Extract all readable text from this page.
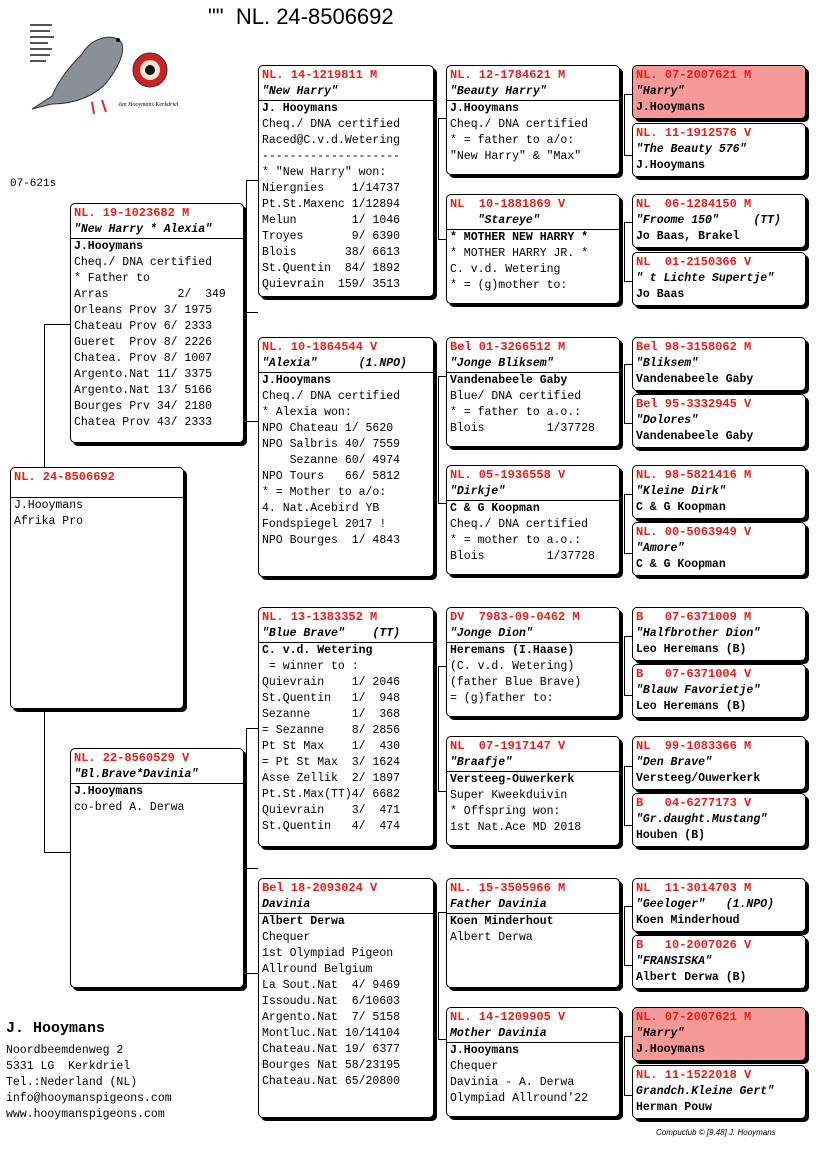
""  NL. 24-8506692
07-621s
Jan Hooymans Kerkdriel
NL. 24-8506692
J.Hooymans
Afrika Pro
NL. 19-1023682 M
"New Harry * Alexia"
J.Hooymans
Cheq./ DNA certified
* Father to
Arras          2/  349
Orleans Prov 3/ 1975
Chateau Prov 6/ 2333
Gueret  Prov 8/ 2226
Chatea. Prov 8/ 1007
Argento.Nat 11/ 3375
Argento.Nat 13/ 5166
Bourges Prv 34/ 2180
Chatea Prov 43/ 2333
NL. 22-8560529 V
"Bl.Brave*Davinia"
J.Hooymans
co-bred A. Derwa
NL. 14-1219811 M
"New Harry"
J. Hooymans
Cheq./ DNA certified
Raced@C.v.d.Wetering
--------------------
* "New Harry" won:
Niergnies    1/14737
Pt.St.Maxenc 1/12894
Melun        1/ 1046
Troyes       9/ 6390
Blois       38/ 6613
St.Quentin  84/ 1892
Quievrain  159/ 3513
NL. 10-1864544 V
"Alexia"      (1.NPO)
J.Hooymans
Cheq./ DNA certified
* Alexia won:
NPO Chateau 1/ 5620
NPO Salbris 40/ 7559
Sezanne 60/ 4974
NPO Tours   66/ 5812
* = Mother to a/o:
4. Nat.Acebird YB
Fondspiegel 2017 !
NPO Bourges  1/ 4843
NL. 13-1383352 M
"Blue Brave"    (TT)
C. v.d. Wetering
= winner to :
Quievrain    1/ 2046
St.Quentin   1/  948
Sezanne      1/  368
= Sezanne    8/ 2856
Pt St Max    1/  430
= Pt St Max  3/ 1624
Asse Zellik  2/ 1897
Pt.St.Max(TT)4/ 6682
Quievrain    3/  471
St.Quentin   4/  474
Bel 18-2093024 V
Davinia
Albert Derwa
Chequer
1st Olympiad Pigeon
Allround Belgium
La Sout.Nat  4/ 9469
Issoudu.Nat  6/10603
Argento.Nat  7/ 5158
Montluc.Nat 10/14104
Chateau.Nat 19/ 6377
Bourges Nat 58/23195
Chateau.Nat 65/20800
NL. 12-1784621 M
"Beauty Harry"
J.Hooymans
Cheq./ DNA certified
* = father to a/o:
"New Harry" & "Max"
NL  10-1881869 V
"Stareye"
* MOTHER NEW HARRY *
* MOTHER HARRY JR. *
C. v.d. Wetering
* = (g)mother to:
Bel 01-3266512 M
"Jonge Bliksem"
Vandenabeele Gaby
Blue/ DNA certified
* = father to a.o.:
Blois         1/37728
NL. 05-1936558 V
"Dirkje"
C & G Koopman
Cheq./ DNA certified
* = mother to a.o.:
Blois         1/37728
DV  7983-09-0462 M
"Jonge Dion"
Heremans (I.Haase)
(C. v.d. Wetering)
(father Blue Brave)
= (g)father to:
NL  07-1917147 V
"Braafje"
Versteeg-Ouwerkerk
Super Kweekduivin
* Offspring won:
1st Nat.Ace MD 2018
NL. 15-3505966 M
Father Davinia
Koen Minderhout
Albert Derwa
NL. 14-1209905 V
Mother Davinia
J.Hooymans
Chequer
Davinia - A. Derwa
Olympiad Allround'22
NL. 07-2007621 M
"Harry"
J.Hooymans
NL. 11-1912576 V
"The Beauty 576"
J.Hooymans
NL  06-1284150 M
"Froome 150"     (TT)
Jo Baas, Brakel
NL  01-2150366 V
" t Lichte Supertje"
Jo Baas
Bel 98-3158062 M
"Bliksem"
Vandenabeele Gaby
Bel 95-3332945 V
"Dolores"
Vandenabeele Gaby
NL. 98-5821416 M
"Kleine Dirk"
C & G Koopman
NL. 00-5063949 V
"Amore"
C & G Koopman
B   07-6371009 M
"Halfbrother Dion"
Leo Heremans (B)
B   07-6371004 V
"Blauw Favorietje"
Leo Heremans (B)
NL  99-1083366 M
"Den Brave"
Versteeg/Ouwerkerk
B   04-6277173 V
"Gr.daught.Mustang"
Houben (B)
NL  11-3014703 M
"Geeloger"   (1.NPO)
Koen Minderhoud
B   10-2007026 V
"FRANSISKA"
Albert Derwa (B)
NL. 07-2007621 M
"Harry"
J.Hooymans
NL. 11-1522018 V
Grandch.Kleine Gert"
Herman Pouw
J. Hooymans
Noordbeemdenweg 2
5331 LG  Kerkdriel
Tel.:Nederland (NL)
info@hooymanspigeons.com
www.hooymanspigeons.com
Compuclub © [9.48] J. Hooymans
